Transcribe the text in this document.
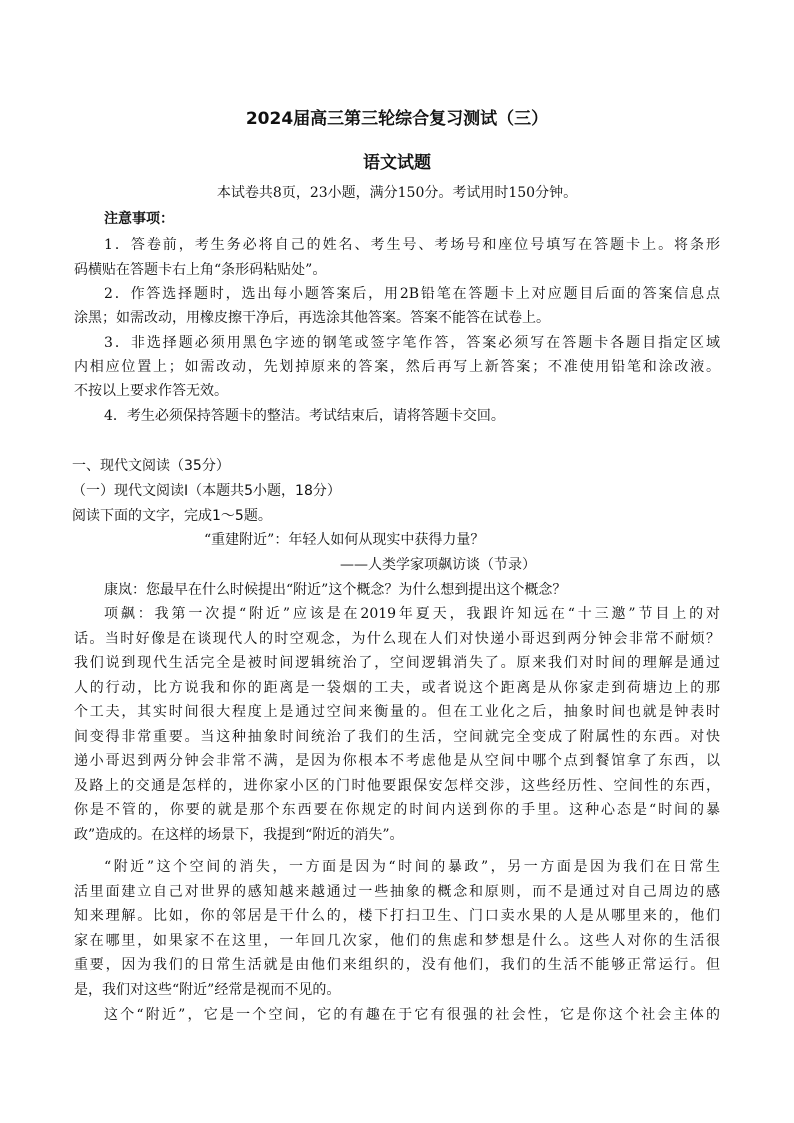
2024届高三第三轮综合复习测试（三）
语文试题
本试卷共8页，23小题，满分150分。考试用时150分钟。
注意事项：
1．答卷前，考生务必将自己的姓名、考生号、考场号和座位号填写在答题卡上。将条形
码横贴在答题卡右上角“条形码粘贴处”。
2．作答选择题时，选出每小题答案后，用2B铅笔在答题卡上对应题目后面的答案信息点
涂黑；如需改动，用橡皮擦干净后，再选涂其他答案。答案不能答在试卷上。
3．非选择题必须用黑色字迹的钢笔或签字笔作答，答案必须写在答题卡各题目指定区域
内相应位置上；如需改动，先划掉原来的答案，然后再写上新答案；不准使用铅笔和涂改液。
不按以上要求作答无效。
4．考生必须保持答题卡的整洁。考试结束后，请将答题卡交回。
一、现代文阅读（35分）
（一）现代文阅读Ⅰ（本题共5小题，18分）
阅读下面的文字，完成1～5题。
“重建附近”：年轻人如何从现实中获得力量？
——人类学家项飙访谈（节录）
康岚：您最早在什么时候提出“附近”这个概念？为什么想到提出这个概念？
项飙：我第一次提“附近”应该是在2019年夏天，我跟许知远在“十三邀”节目上的对
话。当时好像是在谈现代人的时空观念，为什么现在人们对快递小哥迟到两分钟会非常不耐烦？
我们说到现代生活完全是被时间逻辑统治了，空间逻辑消失了。原来我们对时间的理解是通过
人的行动，比方说我和你的距离是一袋烟的工夫，或者说这个距离是从你家走到荷塘边上的那
个工夫，其实时间很大程度上是通过空间来衡量的。但在工业化之后，抽象时间也就是钟表时
间变得非常重要。当这种抽象时间统治了我们的生活，空间就完全变成了附属性的东西。对快
递小哥迟到两分钟会非常不满，是因为你根本不考虑他是从空间中哪个点到餐馆拿了东西，以
及路上的交通是怎样的，进你家小区的门时他要跟保安怎样交涉，这些经历性、空间性的东西，
你是不管的，你要的就是那个东西要在你规定的时间内送到你的手里。这种心态是“时间的暴
政”造成的。在这样的场景下，我提到“附近的消失”。
“附近”这个空间的消失，一方面是因为“时间的暴政”，另一方面是因为我们在日常生
活里面建立自己对世界的感知越来越通过一些抽象的概念和原则，而不是通过对自己周边的感
知来理解。比如，你的邻居是干什么的，楼下打扫卫生、门口卖水果的人是从哪里来的，他们
家在哪里，如果家不在这里，一年回几次家，他们的焦虑和梦想是什么。这些人对你的生活很
重要，因为我们的日常生活就是由他们来组织的，没有他们，我们的生活不能够正常运行。但
是，我们对这些“附近”经常是视而不见的。
这个“附近”，它是一个空间，它的有趣在于它有很强的社会性，它是你这个社会主体的
